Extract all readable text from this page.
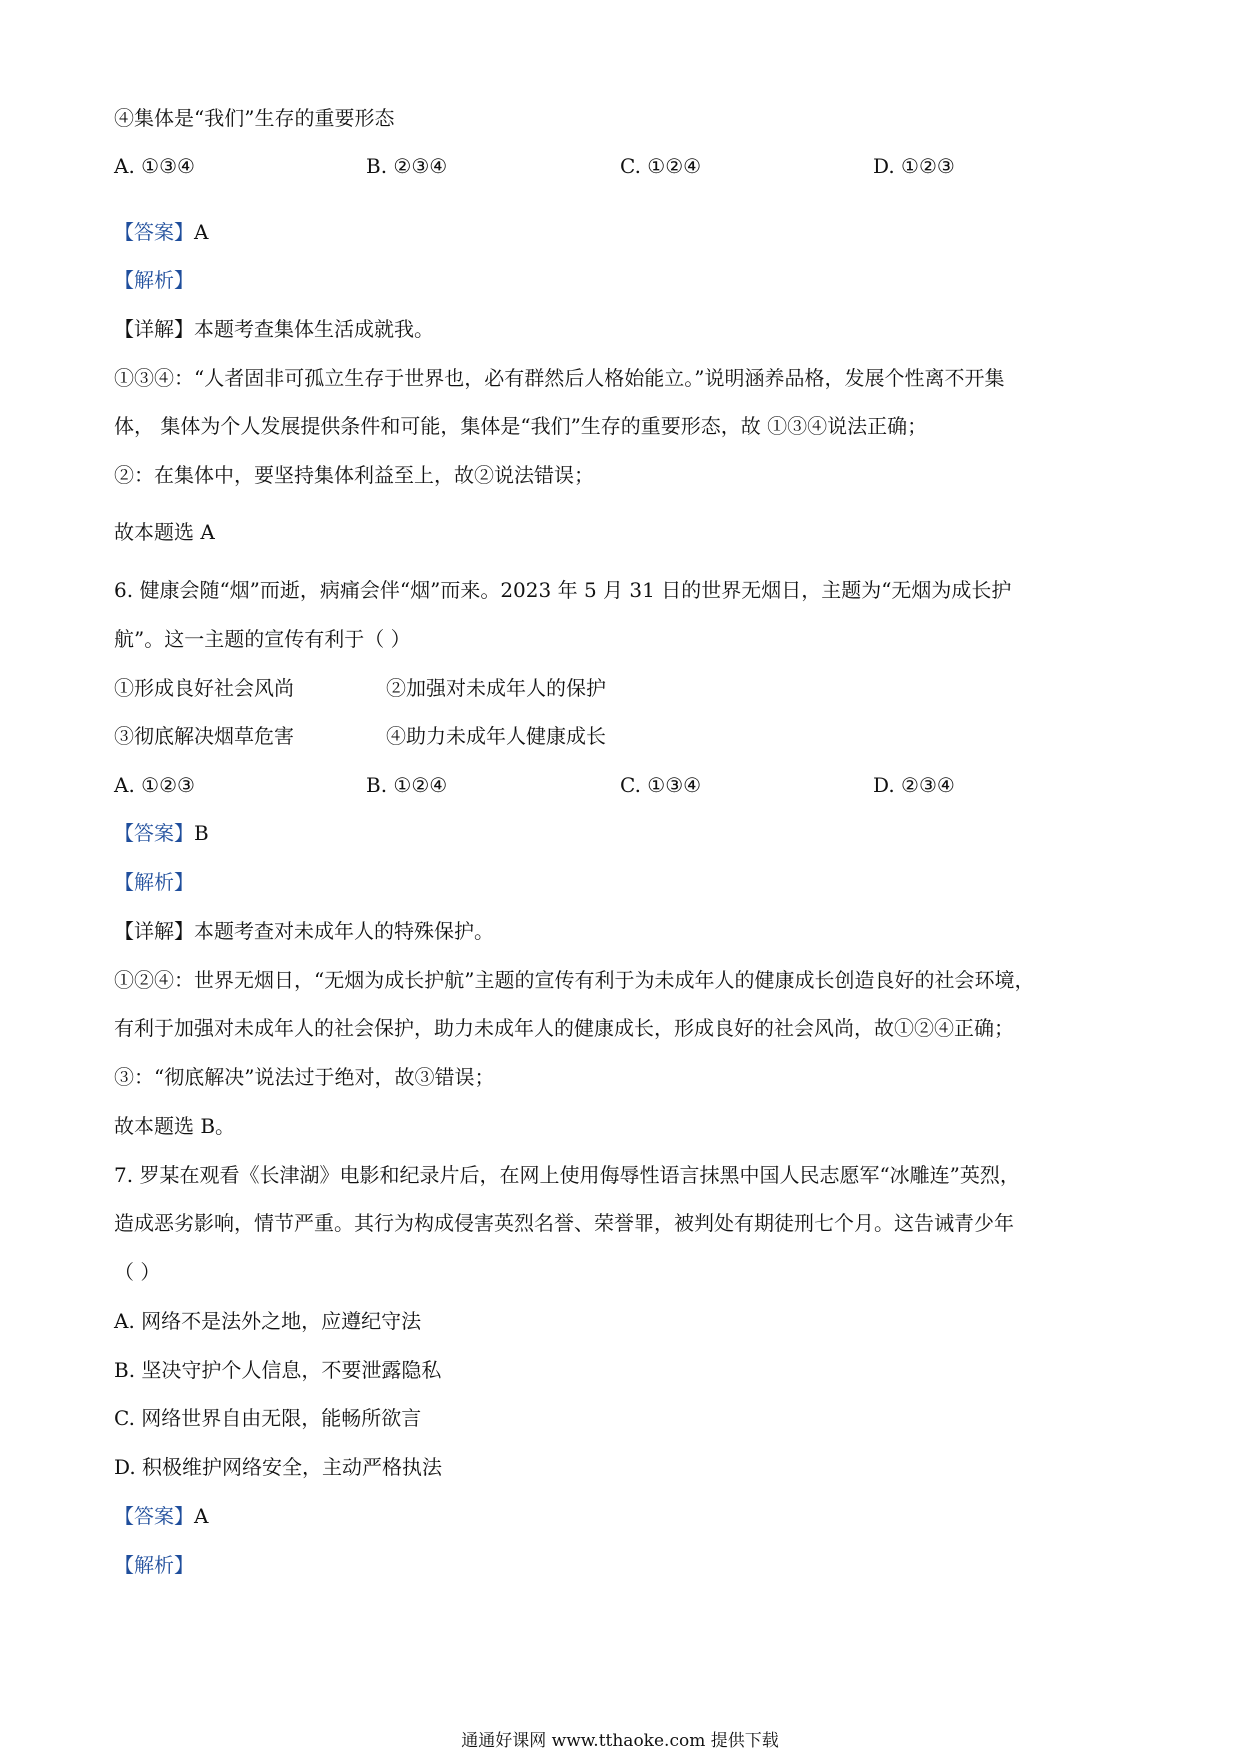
④集体是“我们”生存的重要形态
A. ①③④	B. ②③④	C. ①②④	D. ①②③
【答案】A
【解析】
【详解】本题考查集体生活成就我。
①③④：“人者固非可孤立生存于世界也，必有群然后人格始能立。”说明涵养品格，发展个性离不开集
体， 集体为个人发展提供条件和可能，集体是“我们”生存的重要形态，故 ①③④说法正确；
②：在集体中，要坚持集体利益至上，故②说法错误；
故本题选 A
6. 健康会随“烟”而逝，病痛会伴“烟”而来。2023 年 5 月 31 日的世界无烟日，主题为“无烟为成长护
航”。这一主题的宣传有利于（ ）
①形成良好社会风尚	②加强对未成年人的保护
③彻底解决烟草危害	④助力未成年人健康成长
A. ①②③	B. ①②④	C. ①③④	D. ②③④
【答案】B
【解析】
【详解】本题考查对未成年人的特殊保护。
①②④：世界无烟日，“无烟为成长护航”主题的宣传有利于为未成年人的健康成长创造良好的社会环境，
有利于加强对未成年人的社会保护，助力未成年人的健康成长，形成良好的社会风尚，故①②④正确；
③：“彻底解决”说法过于绝对，故③错误；
故本题选 B。
7. 罗某在观看《长津湖》电影和纪录片后，在网上使用侮辱性语言抹黑中国人民志愿军“冰雕连”英烈，
造成恶劣影响，情节严重。其行为构成侵害英烈名誉、荣誉罪，被判处有期徒刑七个月。这告诫青少年
（ ）
A. 网络不是法外之地，应遵纪守法
B. 坚决守护个人信息，不要泄露隐私
C. 网络世界自由无限，能畅所欲言
D. 积极维护网络安全，主动严格执法
【答案】A
【解析】
通通好课网 www.tthaoke.com 提供下载
